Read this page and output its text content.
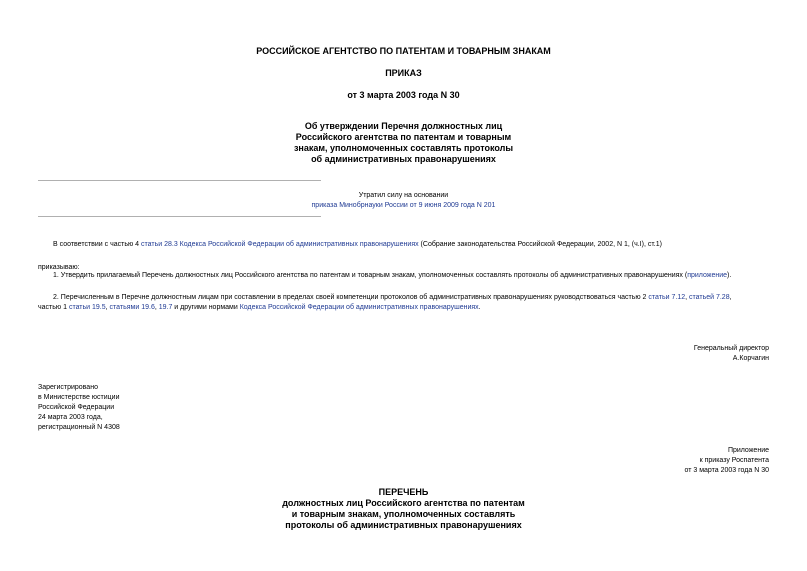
РОССИЙСКОЕ АГЕНТСТВО ПО ПАТЕНТАМ И ТОВАРНЫМ ЗНАКАМ
ПРИКАЗ
от 3 марта 2003 года N 30
Об утверждении Перечня должностных лиц
Российского агентства по патентам и товарным
знакам, уполномоченных составлять протоколы
об административных правонарушениях
Утратил силу на основании
приказа Минобрнауки России от 9 июня 2009 года N 201
В соответствии с частью 4 статьи 28.3 Кодекса Российской Федерации об административных правонарушениях (Собрание законодательства Российской Федерации, 2002, N 1, (ч.I), ст.1)
приказываю:
1. Утвердить прилагаемый Перечень должностных лиц Российского агентства по патентам и товарным знакам, уполномоченных составлять протоколы об административных правонарушениях (приложение).
2. Перечисленным в Перечне должностным лицам при составлении в пределах своей компетенции протоколов об административных правонарушениях руководствоваться частью 2 статьи 7.12, статьей 7.28,
частью 1 статьи 19.5, статьями 19.6, 19.7 и другими нормами Кодекса Российской Федерации об административных правонарушениях.
Генеральный директор
А.Корчагин
Зарегистрировано
в Министерстве юстиции
Российской Федерации
24 марта 2003 года,
регистрационный N 4308
Приложение
к приказу Роспатента
от 3 марта 2003 года N 30
ПЕРЕЧЕНЬ
должностных лиц Российского агентства по патентам
и товарным знакам, уполномоченных составлять
протоколы об административных правонарушениях
